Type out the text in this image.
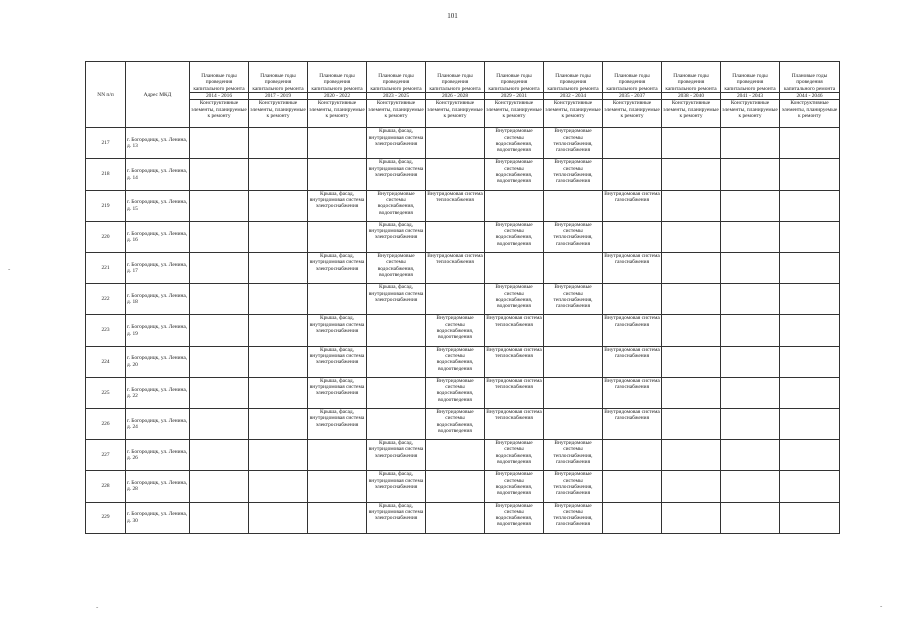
101
NN п/п	Адрес МКД	Плановые годы проведения капитального ремонта	Плановые годы проведения капитального ремонта	Плановые годы проведения капитального ремонта	Плановые годы проведения капитального ремонта	Плановые годы проведения капитального ремонта	Плановые годы проведения капитального ремонта	Плановые годы проведения капитального ремонта	Плановые годы проведения капитального ремонта	Плановые годы проведения капитального ремонта	Плановые годы проведения капитального ремонта	Плановые годы проведения капитального ремонта
		2014 - 2016	2017 - 2019	2020 - 2022	2023 - 2025	2026 - 2028	2029 - 2031	2032 - 2034	2035 - 2037	2038 - 2040	2041 - 2043	2044 - 2046
		Конструктивные элементы, планируемые к ремонту	Конструктивные элементы, планируемые к ремонту	Конструктивные элементы, планируемые к ремонту	Конструктивные элементы, планируемые к ремонту	Конструктивные элементы, планируемые к ремонту	Конструктивные элементы, планируемые к ремонту	Конструктивные элементы, планируемые к ремонту	Конструктивные элементы, планируемые к ремонту	Конструктивные элементы, планируемые к ремонту	Конструктивные элементы, планируемые к ремонту	Конструктивные элементы, планируемые к ремонту
217	г. Богородицк, ул. Ленина, д. 13				Крыша, фасад, внутридомовая система электроснабжения		Внутридомовые системы водоснабжения, водоотведения	Внутридомовые системы теплоснабжения, газоснабжения				
218	г. Богородицк, ул. Ленина, д. 14				Крыша, фасад, внутридомовая система электроснабжения		Внутридомовые системы водоснабжения, водоотведения	Внутридомовые системы теплоснабжения, газоснабжения				
219	г. Богородицк, ул. Ленина, д. 15			Крыша, фасад, внутридомовая система электроснабжения	Внутридомовые системы водоснабжения, водоотведения	Внутридомовая система теплоснабжения			Внутридомовая система газоснабжения			
220	г. Богородицк, ул. Ленина, д. 16				Крыша, фасад, внутридомовая система электроснабжения		Внутридомовые системы водоснабжения, водоотведения	Внутридомовые системы теплоснабжения, газоснабжения				
221	г. Богородицк, ул. Ленина, д. 17			Крыша, фасад, внутридомовая система электроснабжения	Внутридомовые системы водоснабжения, водоотведения	Внутридомовая система теплоснабжения			Внутридомовая система газоснабжения			
222	г. Богородицк, ул. Ленина, д. 18				Крыша, фасад, внутридомовая система электроснабжения		Внутридомовые системы водоснабжения, водоотведения	Внутридомовые системы теплоснабжения, газоснабжения				
223	г. Богородицк, ул. Ленина, д. 19			Крыша, фасад, внутридомовая система электроснабжения		Внутридомовые системы водоснабжения, водоотведения	Внутридомовая система теплоснабжения		Внутридомовая система газоснабжения			
224	г. Богородицк, ул. Ленина, д. 20			Крыша, фасад, внутридомовая система электроснабжения		Внутридомовые системы водоснабжения, водоотведения	Внутридомовая система теплоснабжения		Внутридомовая система газоснабжения			
225	г. Богородицк, ул. Ленина, д. 22			Крыша, фасад, внутридомовая система электроснабжения		Внутридомовые системы водоснабжения, водоотведения	Внутридомовая система теплоснабжения		Внутридомовая система газоснабжения			
226	г. Богородицк, ул. Ленина, д. 24			Крыша, фасад, внутридомовая система электроснабжения		Внутридомовые системы водоснабжения, водоотведения	Внутридомовая система теплоснабжения		Внутридомовая система газоснабжения			
227	г. Богородицк, ул. Ленина, д. 26				Крыша, фасад, внутридомовая система электроснабжения		Внутридомовые системы водоснабжения, водоотведения	Внутридомовые системы теплоснабжения, газоснабжения				
228	г. Богородицк, ул. Ленина, д. 28				Крыша, фасад, внутридомовая система электроснабжения		Внутридомовые системы водоснабжения, водоотведения	Внутридомовые системы теплоснабжения, газоснабжения				
229	г. Богородицк, ул. Ленина, д. 30				Крыша, фасад, внутридомовая система электроснабжения		Внутридомовые системы водоснабжения, водоотведения	Внутридомовые системы теплоснабжения, газоснабжения				
-
-	-
